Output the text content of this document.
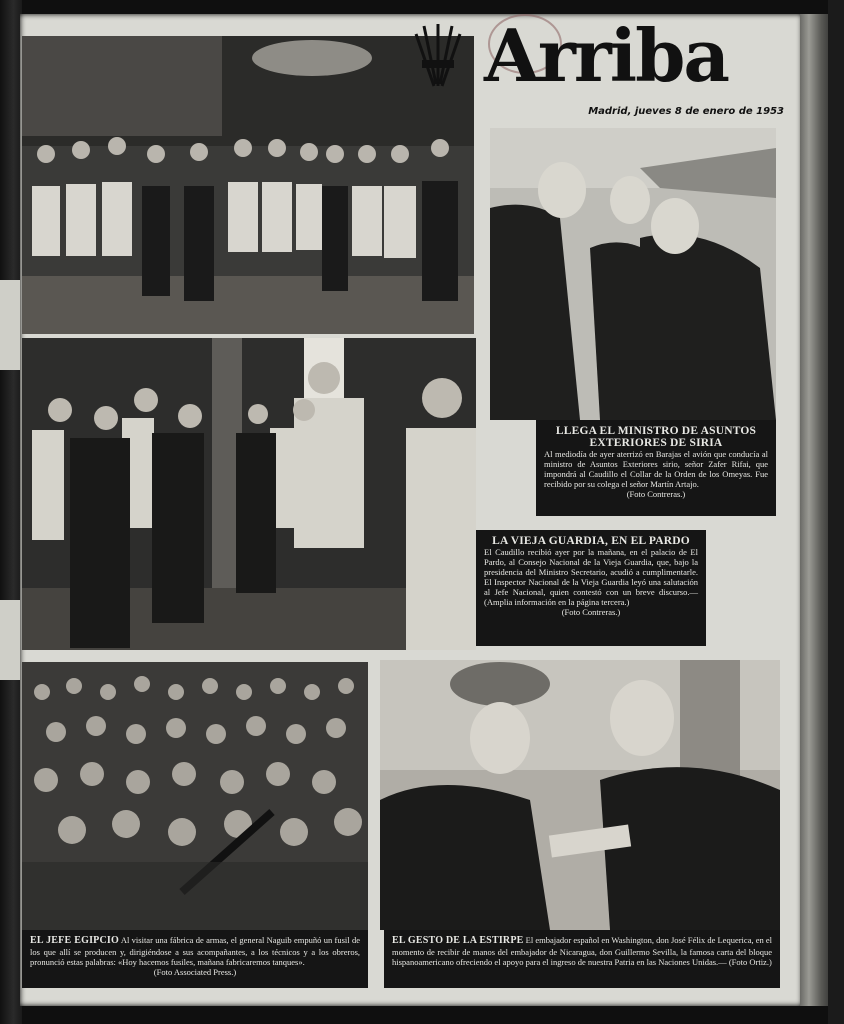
Arriba
Madrid, jueves 8 de enero de 1953
LLEGA EL MINISTRO DE ASUNTOS EXTERIORES DE SIRIA
Al mediodía de ayer aterrizó en Barajas el avión que conducía al ministro de Asuntos Exteriores sirio, señor Zafer Rifai, que impondrá al Caudillo el Collar de la Orden de los Omeyas. Fue recibido por su colega el señor Martín Artajo.
(Foto Contreras.)
LA VIEJA GUARDIA, EN EL PARDO
El Caudillo recibió ayer por la mañana, en el palacio de El Pardo, al Consejo Nacional de la Vieja Guardia, que, bajo la presidencia del Ministro Secretario, acudió a cumplimentarle. El Inspector Nacional de la Vieja Guardia leyó una salutación al Jefe Nacional, quien contestó con un breve discurso.—(Amplia información en la página tercera.)
(Foto Contreras.)
EL JEFE EGIPCIO Al visitar una fábrica de armas, el general Naguib empuñó un fusil de los que allí se producen y, dirigiéndose a sus acompañantes, a los técnicos y a los obreros, pronunció estas palabras: «Hoy hacemos fusiles, mañana fabricaremos tanques».
(Foto Associated Press.)
EL GESTO DE LA ESTIRPE El embajador español en Washington, don José Félix de Lequerica, en el momento de recibir de manos del embajador de Nicaragua, don Guillermo Sevilla, la famosa carta del bloque hispanoamericano ofreciendo el apoyo para el ingreso de nuestra Patria en las Naciones Unidas.— (Foto Ortiz.)
